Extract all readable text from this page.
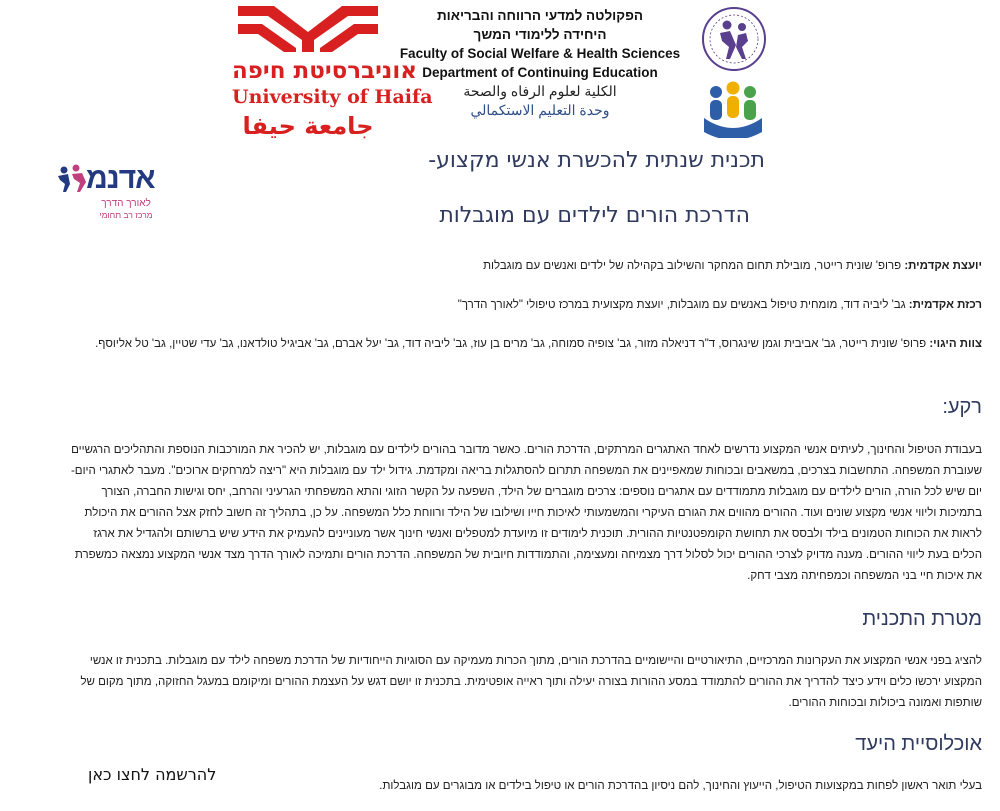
אוניברסיטת חיפה
University of Haifa
جامعة حيفا
הפקולטה למדעי הרווחה והבריאות
היחידה ללימודי המשך
Faculty of Social Welfare & Health Sciences
Department of Continuing Education
الكلية لعلوم الرفاه والصحة
وحدة التعليم الاستكمالي
אדנמ
לאורך הדרך
מרכז רב תחומי
תכנית שנתית להכשרת אנשי מקצוע-
הדרכת הורים לילדים עם מוגבלות
יועצת אקדמית: פרופ' שונית רייטר, מובילת תחום המחקר והשילוב בקהילה של ילדים ואנשים עם מוגבלות
רכזת אקדמית: גב' ליביה דוד, מומחית טיפול באנשים עם מוגבלות, יועצת מקצועית במרכז טיפולי "לאורך הדרך"
צוות היגוי: פרופ' שונית רייטר, גב' אביבית וגמן שינגרוס, ד"ר דניאלה מזור, גב' צופיה סמוחה, גב' מרים בן עוז, גב' ליביה דוד, גב' יעל אברם, גב' אביגיל טולדאנו, גב' עדי שטיין, גב' טל אליוסף.
רקע:
בעבודת הטיפול והחינוך, לעיתים אנשי המקצוע נדרשים לאחד האתגרים המרתקים, הדרכת הורים. כאשר מדובר בהורים לילדים עם מוגבלות, יש להכיר את המורכבות הנוספת והתהליכים הרגשיים שעוברת המשפחה. התחשבות בצרכים, במשאבים ובכוחות שמאפיינים את המשפחה תתרום להסתגלות בריאה ומקדמת. גידול ילד עם מוגבלות היא "ריצה למרחקים ארוכים". מעבר לאתגרי היום- יום שיש לכל הורה, הורים לילדים עם מוגבלות מתמודדים עם אתגרים נוספים: צרכים מוגברים של הילד, השפעה על הקשר הזוגי והתא המשפחתי הגרעיני והרחב, יחס וגישות החברה, הצורך בתמיכות וליווי אנשי מקצוע שונים ועוד. ההורים מהווים את הגורם העיקרי והמשמעותי לאיכות חייו ושילובו של הילד ורווחת כלל המשפחה. על כן, בתהליך זה חשוב לחזק אצל ההורים את היכולת לראות את הכוחות הטמונים בילד ולבסס את תחושת הקומפטנטיות ההורית. תוכנית לימודים זו מיועדת למטפלים ואנשי חינוך אשר מעוניינים להעמיק את הידע שיש ברשותם ולהגדיל את ארגז הכלים בעת ליווי ההורים. מענה מדויק לצרכי ההורים יכול לסלול דרך מצמיחה ומעצימה, והתמודדות חיובית של המשפחה. הדרכת הורים ותמיכה לאורך הדרך מצד אנשי המקצוע נמצאה כמשפרת את איכות חיי בני המשפחה וכמפחיתה מצבי דחק.
מטרת התכנית
להציג בפני אנשי המקצוע את העקרונות המרכזיים, התיאורטיים והיישומיים בהדרכת הורים, מתוך הכרות מעמיקה עם הסוגיות הייחודיות של הדרכת משפחה לילד עם מוגבלות. בתכנית זו אנשי המקצוע ירכשו כלים וידע כיצד להדריך את ההורים להתמודד במסע ההורות בצורה יעילה ותוך ראייה אופטימית. בתכנית זו יושם דגש על העצמת ההורים ומיקומם במעגל החזוקה, מתוך מקום של שותפות ואמונה ביכולות ובכוחות ההורים.
אוכלוסיית היעד
בעלי תואר ראשון לפחות במקצועות הטיפול, הייעוץ והחינוך, להם ניסיון בהדרכת הורים או טיפול בילדים או מבוגרים עם מוגבלות.
להרשמה לחצו כאן
